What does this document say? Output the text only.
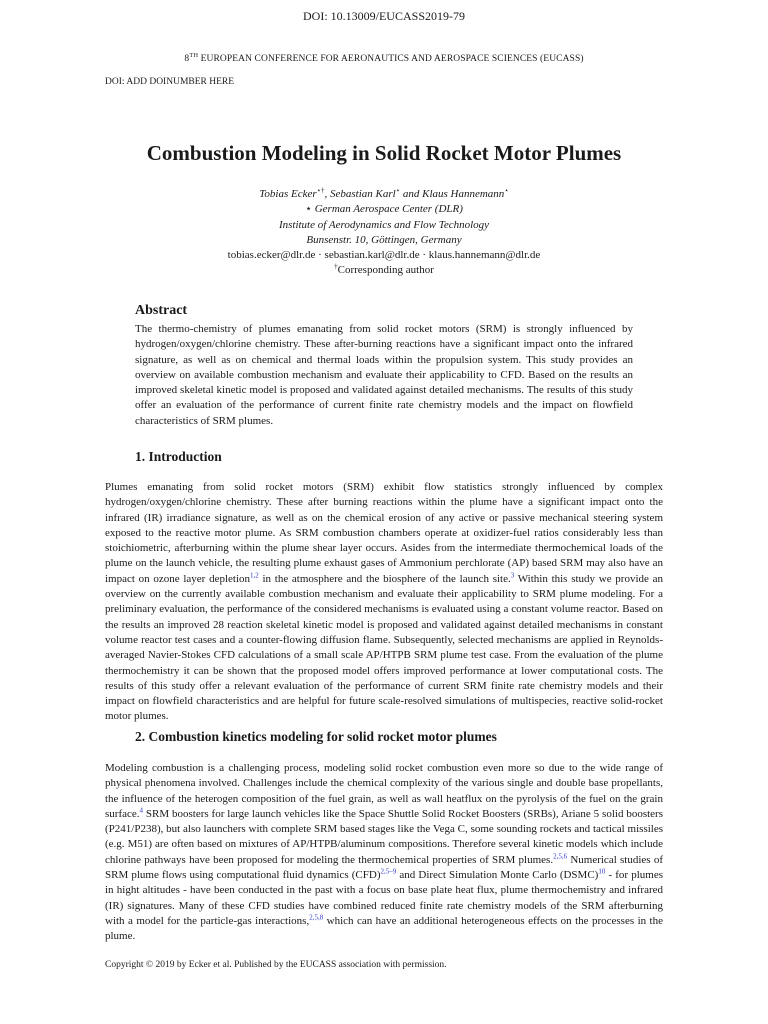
DOI: 10.13009/EUCASS2019-79
8TH EUROPEAN CONFERENCE FOR AERONAUTICS AND AEROSPACE SCIENCES (EUCASS)
DOI: ADD DOINUMBER HERE
Combustion Modeling in Solid Rocket Motor Plumes
Tobias Ecker⋆†, Sebastian Karl⋆ and Klaus Hannemann⋆
⋆ German Aerospace Center (DLR)
Institute of Aerodynamics and Flow Technology
Bunsenstr. 10, Göttingen, Germany
tobias.ecker@dlr.de · sebastian.karl@dlr.de · klaus.hannemann@dlr.de
†Corresponding author
Abstract
The thermo-chemistry of plumes emanating from solid rocket motors (SRM) is strongly influenced by hydrogen/oxygen/chlorine chemistry. These after-burning reactions have a significant impact onto the infrared signature, as well as on chemical and thermal loads within the propulsion system. This study provides an overview on available combustion mechanism and evaluate their applicability to CFD. Based on the results an improved skeletal kinetic model is proposed and validated against detailed mechanisms. The results of this study offer an evaluation of the performance of current finite rate chemistry models and the impact on flowfield characteristics of SRM plumes.
1. Introduction

Plumes emanating from solid rocket motors (SRM) exhibit flow statistics strongly influenced by complex hydrogen/oxygen/chlorine chemistry. These after burning reactions within the plume have a significant impact onto the infrared (IR) irradiance signature, as well as on the chemical erosion of any active or passive mechanical steering system exposed to the reactive motor plume. As SRM combustion chambers operate at oxidizer-fuel ratios considerably less than stoichiometric, afterburning within the plume shear layer occurs. Asides from the intermediate thermochemical loads of the plume on the launch vehicle, the resulting plume exhaust gases of Ammonium perchlorate (AP) based SRM may also have an impact on ozone layer depletion$^{1,2}$ in the atmosphere and the biosphere of the launch site.$^3$ Within this study we provide an overview on the currently available combustion mechanism and evaluate their applicability to SRM plume modeling. For a preliminary evaluation, the performance of the considered mechanisms is evaluated using a constant volume reactor. Based on the results an improved 28 reaction skeletal kinetic model is proposed and validated against detailed mechanisms in constant volume reactor test cases and a counter-flowing diffusion flame. Subsequently, selected mechanisms are applied in Reynolds-averaged Navier-Stokes CFD calculations of a small scale AP/HTPB SRM plume test case. From the evaluation of the plume thermochemistry it can be shown that the proposed model offers improved performance at lower computational costs. The results of this study offer a relevant evaluation of the performance of current SRM finite rate chemistry models and their impact on flowfield characteristics and are helpful for future scale-resolved simulations of multispecies, reactive solid-rocket motor plumes.

2. Combustion kinetics modeling for solid rocket motor plumes

Modeling combustion is a challenging process, modeling solid rocket combustion even more so due to the wide range of physical phenomena involved. Challenges include the chemical complexity of the various single and double base propellants, the influence of the heterogen composition of the fuel grain, as well as wall heatflux on the pyrolysis of the fuel on the grain surface.$^4$ SRM boosters for large launch vehicles like the Space Shuttle Solid Rocket Boosters (SRBs), Ariane 5 solid boosters (P241/P238), but also launchers with complete SRM based stages like the Vega C, some sounding rockets and tactical missiles (e.g. M51) are often based on mixtures of AP/HTPB/aluminum compositions. Therefore several kinetic models which include chlorine pathways have been proposed for modeling the thermochemical properties of SRM plumes.$^{2,5,6}$ Numerical studies of SRM plume flows using computational fluid dynamics (CFD)$^{2,5-9}$ and Direct Simulation Monte Carlo (DSMC)$^{10}$ - for plumes in hight altitudes - have been conducted in the past with a focus on base plate heat flux, plume thermochemistry and infrared (IR) signatures. Many of these CFD studies have combined reduced finite rate chemistry models of the SRM afterburning with a model for the particle-gas interactions,$^{2,5,8}$ which can have an additional heterogeneous effects on the processes in the plume.

Copyright © 2019 by Ecker et al. Published by the EUCASS association with permission.
